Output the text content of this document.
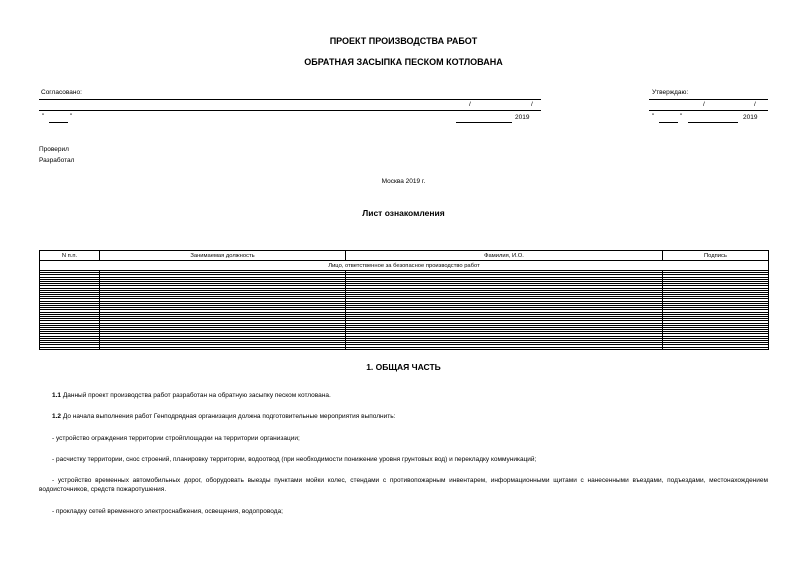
ПРОЕКТ ПРОИЗВОДСТВА РАБОТ
ОБРАТНАЯ ЗАСЫПКА ПЕСКОМ КОТЛОВАНА
Согласовано:
/	/
"	"	2019
Утверждаю:
/	/
"	"	2019
Проверил
Разработал
Москва 2019 г.
Лист ознакомления
N п.п.	Занимаемая должность	Фамилия, И.О.	Подпись
Лицо, ответственное за безопасное производство работ			

1. ОБЩАЯ ЧАСТЬ
1.1 Данный проект производства работ разработан на обратную засыпку песком котлована.
1.2 До начала выполнения работ Генподрядная организация должна подготовительные мероприятия выполнить:
- устройство ограждения территории стройплощадки на территории организации;
- расчистку территории, снос строений, планировку территории, водоотвод (при необходимости понижение уровня грунтовых вод) и перекладку коммуникаций;
- устройство временных автомобильных дорог, оборудовать выезды пунктами мойки колес, стендами с противопожарным инвентарем, информационными щитами с нанесенными въездами, подъездами, местонахождением водоисточников, средств пожаротушения.
- прокладку сетей временного электроснабжения, освещения, водопровода;
